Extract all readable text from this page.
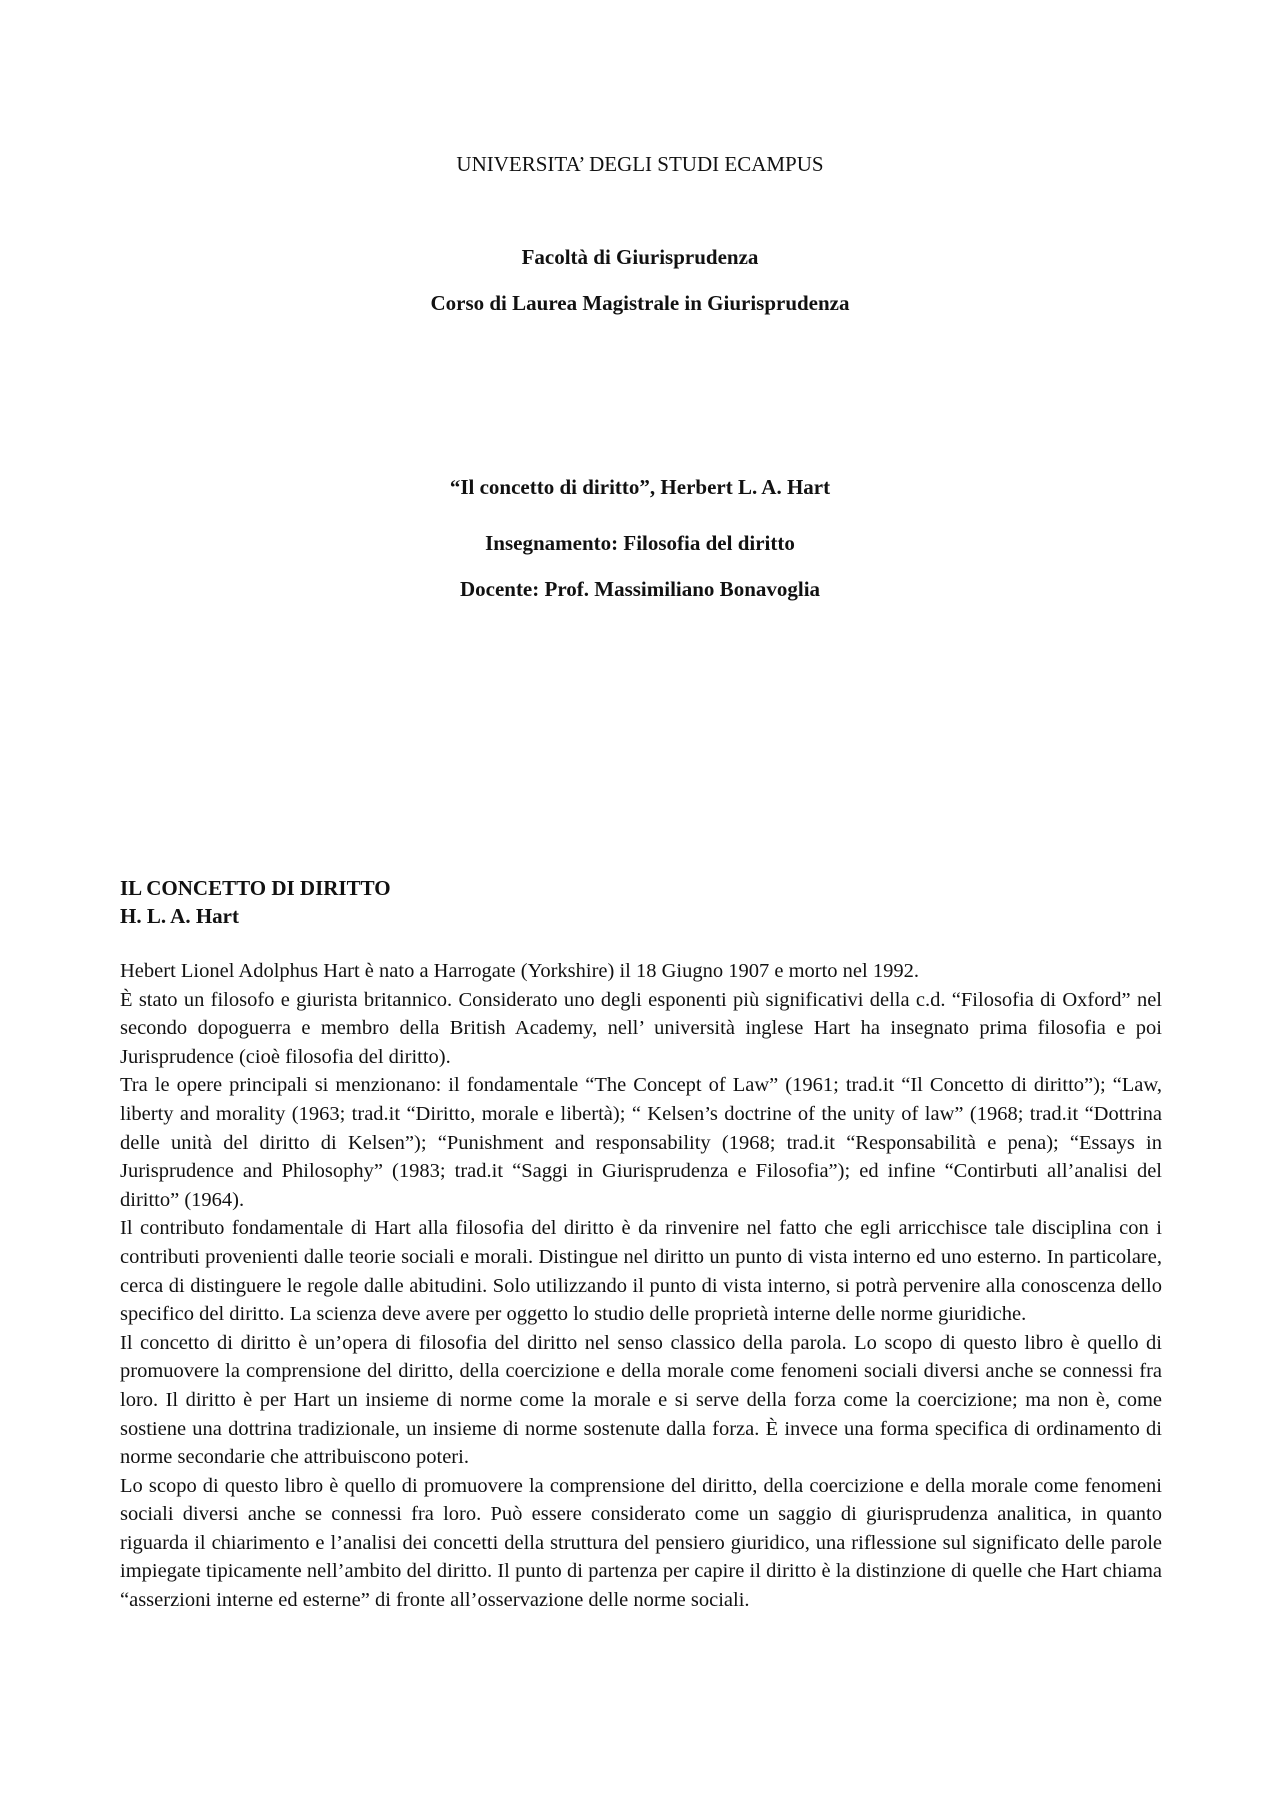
UNIVERSITA’ DEGLI STUDI ECAMPUS
Facoltà di Giurisprudenza
Corso di Laurea Magistrale in Giurisprudenza
“Il concetto di diritto”, Herbert L. A. Hart
Insegnamento: Filosofia del diritto
Docente: Prof. Massimiliano Bonavoglia
IL CONCETTO DI DIRITTO
H. L. A. Hart

Hebert Lionel Adolphus Hart è nato a Harrogate (Yorkshire) il 18 Giugno 1907 e morto nel 1992.

È stato un filosofo e giurista britannico. Considerato uno degli esponenti più significativi della c.d. “Filosofia di Oxford” nel secondo dopoguerra e membro della British Academy, nell’ università inglese Hart ha insegnato prima filosofia e poi Jurisprudence (cioè filosofia del diritto).

Tra le opere principali si menzionano: il fondamentale “The Concept of Law” (1961; trad.it “Il Concetto di diritto”); “Law, liberty and morality (1963; trad.it “Diritto, morale e libertà); “ Kelsen’s doctrine of the unity of law” (1968; trad.it “Dottrina delle unità del diritto di Kelsen”); “Punishment and responsability (1968; trad.it “Responsabilità e pena); “Essays in Jurisprudence and Philosophy” (1983; trad.it “Saggi in Giurisprudenza e Filosofia”); ed infine “Contirbuti all’analisi del diritto” (1964).

Il contributo fondamentale di Hart alla filosofia del diritto è da rinvenire nel fatto che egli arricchisce tale disciplina con i contributi provenienti dalle teorie sociali e morali. Distingue nel diritto un punto di vista interno ed uno esterno. In particolare, cerca di distinguere le regole dalle abitudini. Solo utilizzando il punto di vista interno, si potrà pervenire alla conoscenza dello specifico del diritto. La scienza deve avere per oggetto lo studio delle proprietà interne delle norme giuridiche.

Il concetto di diritto è un’opera di filosofia del diritto nel senso classico della parola. Lo scopo di questo libro è quello di promuovere la comprensione del diritto, della coercizione e della morale come fenomeni sociali diversi anche se connessi fra loro. Il diritto è per Hart un insieme di norme come la morale e si serve della forza come la coercizione; ma non è, come sostiene una dottrina tradizionale, un insieme di norme sostenute dalla forza. È invece una forma specifica di ordinamento di norme secondarie che attribuiscono poteri.

Lo scopo di questo libro è quello di promuovere la comprensione del diritto, della coercizione e della morale come fenomeni sociali diversi anche se connessi fra loro. Può essere considerato come un saggio di giurisprudenza analitica, in quanto riguarda il chiarimento e l’analisi dei concetti della struttura del pensiero giuridico, una riflessione sul significato delle parole impiegate tipicamente nell’ambito del diritto. Il punto di partenza per capire il diritto è la distinzione di quelle che Hart chiama “asserzioni interne ed esterne” di fronte all’osservazione delle norme sociali.
